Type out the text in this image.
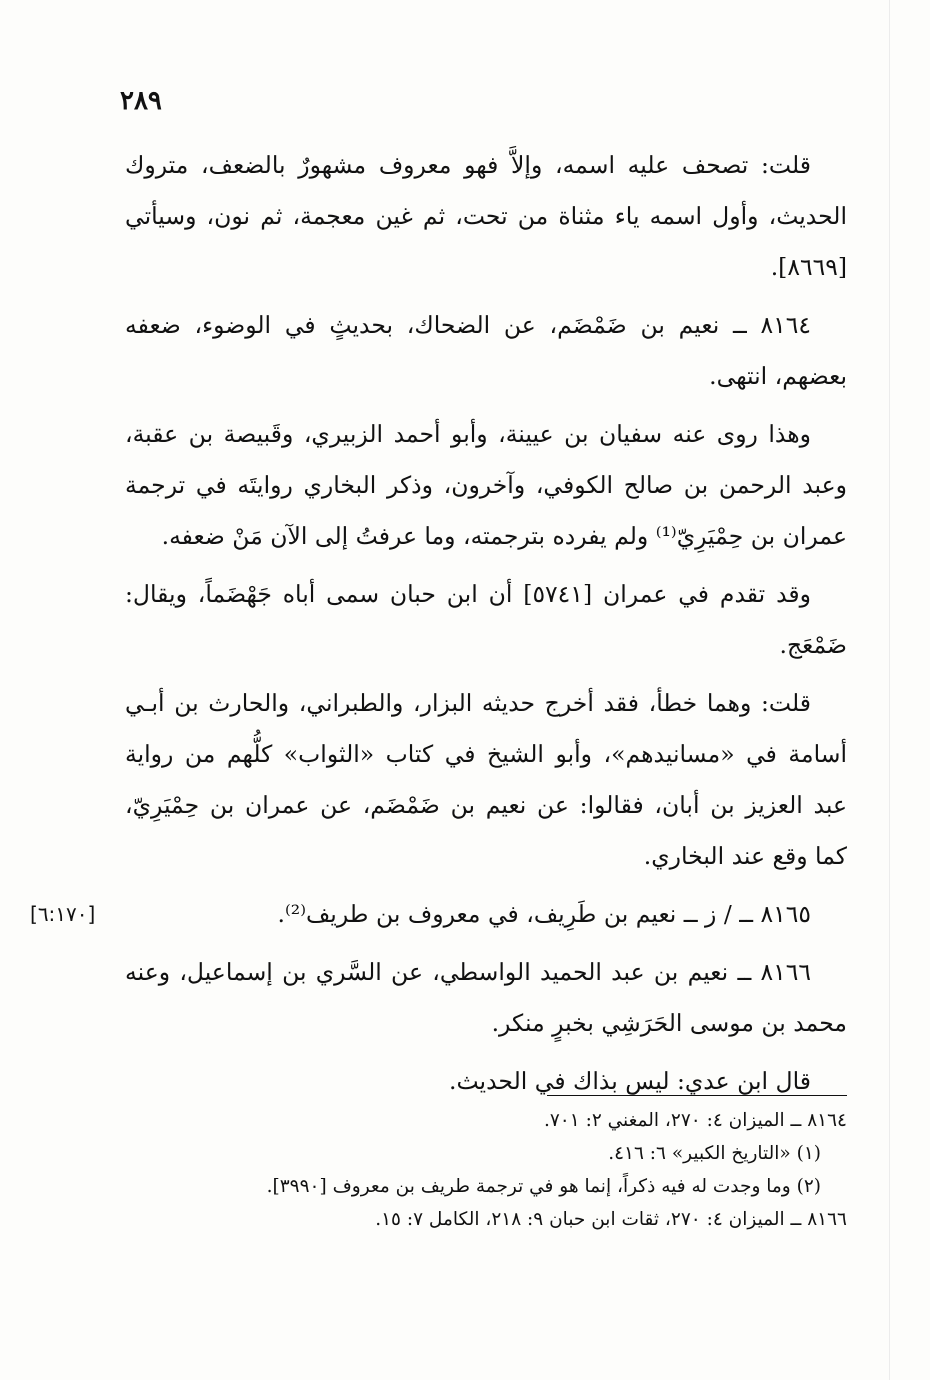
٢٨٩

قلت: تصحف عليه اسمه، وإلاَّ فهو معروف مشهورٌ بالضعف، متروك الحديث، وأول اسمه ياء مثناة من تحت، ثم غين معجمة، ثم نون، وسيأتي [٨٦٦٩].

٨١٦٤ ــ نعيم بن ضَمْضَم، عن الضحاك، بحديثٍ في الوضوء، ضعفه بعضهم، انتهى.

وهذا روى عنه سفيان بن عيينة، وأبو أحمد الزبيري، وقَبيصة بن عقبة، وعبد الرحمن بن صالح الكوفي، وآخرون، وذكر البخاري روايتَه في ترجمة عمران بن حِمْيَرِيّ⁽¹⁾ ولم يفرده بترجمته، وما عرفتُ إلى الآن مَنْ ضعفه.

وقد تقدم في عمران [٥٧٤١] أن ابن حبان سمى أباه جَهْضَماً، ويقال: ضَمْعَج.

قلت: وهما خطأ، فقد أخرج حديثه البزار، والطبراني، والحارث بن أبـي أسامة في «مسانيدهم»، وأبو الشيخ في كتاب «الثواب» كلُّهم من رواية عبد العزيز بن أبان، فقالوا: عن نعيم بن ضَمْضَم، عن عمران بن حِمْيَرِيّ، كما وقع عند البخاري.

٨١٦٥ ــ / ز ــ نعيم بن طَرِيف، في معروف بن طريف⁽²⁾.

[٦:١٧٠]

٨١٦٦ ــ نعيم بن عبد الحميد الواسطي، عن السَّري بن إسماعيل، وعنه محمد بن موسى الحَرَشِي بخبرٍ منكر.

قال ابن عدي: ليس بذاك في الحديث.

٨١٦٤ ــ الميزان ٤: ٢٧٠، المغني ٢: ٧٠١.

(١) «التاريخ الكبير» ٦: ٤١٦.

(٢) وما وجدت له فيه ذكراً، إنما هو في ترجمة طريف بن معروف [٣٩٩٠].

٨١٦٦ ــ الميزان ٤: ٢٧٠، ثقات ابن حبان ٩: ٢١٨، الكامل ٧: ١٥.
